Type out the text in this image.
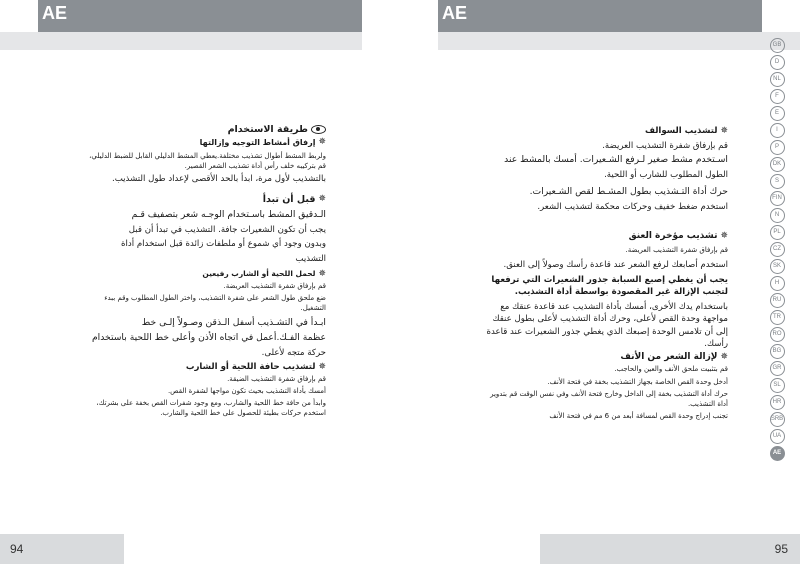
AE	AE
GB
D
NL
F
E
I
P
DK
S
FIN
N
PL
CZ
SK
H
RU
TR
RO
BG
GR
SL
HR
SRB
UA
AE
طريقة الاستخدام
✵
إرفاق أمشاط التوجيه وإزالتها

ولربط المشط أطوال تشذيب مختلفة.يعطي المشط الدليلي القابل للضبط الدليلي، قم بتركيبه خلف رأس أداة تشذيب الشعر القصير.

بالتشذيب لأول مرة، ابدأ بالحد الأقصى لإعداد طول التشذيب.

✵
قبل أن تبدأ

الـدقيق المشط باسـتخدام الوجـه شعر بتصفيف قـم

يجب أن تكون الشعيرات جافة. التشذيب في تبدأ أن قبل

وبدون وجود أي شموع أو ملطفات زائدة قبل استخدام أداة

التشذيب

✵
لحمل اللحية أو الشارب رفيعين

قم بإرفاق شفرة التشذيب العريضة.

ضع ملحق طول الشعر على شفرة التشذيب، واختر الطول المطلوب وقم ببدء التشغيل.

ابـدأ في التشـذيب أسفل الـذقن وصـولاً إلـى خط

عظمة الفـك.أعمل في اتجاه الأذن وأعلى خط اللحية باستخدام

حركة متجه لأعلى.

✵
لتشذيب حافة اللحية أو الشارب

قم بإرفاق شفرة التشذيب الضيقة.

أمسك بأداة التشذيب بحيث تكون مواجها لشفرة القص.

وابدأ من حافة خط اللحية والشارب، ومع وجود شفرات القص بخفة على بشرتك، استخدم حركات بطيئة للحصول على خط اللحية والشارب.

✵
لتشذيب السوالف

قم بإرفاق شفرة التشذيب العريضة.

اسـتخدم مشط صغير لـرفع الشـعيرات. أمسك بالمشط عند

الطول المطلوب للشارب أو اللحية.

حرك أداة التـشذيب بطول المشـط لقص الشـعيرات.

استخدم ضغط خفيف وحركات محكمة لتشذيب الشعر.

✵
تشذيب مؤخرة العنق

قم بإرفاق شفرة التشذيب العريضة.

استخدم أصابعك لرفع الشعر عند قاعدة رأسك وصولاً إلى العنق.

يجب أن يغطي إصبع السبابة جذور الشعيرات التي ترفعها لتجنب الإزالة غير المقصودة بواسطة أداة التشذيب.

باستخدام يدك الأخرى، أمسك بأداة التشذيب عند قاعدة عنقك مع مواجهة وحدة القص لأعلى، وحرك أداة التشذيب لأعلى بطول عنقك إلى أن تلامس الوحدة إصبعك الذي يغطي جذور الشعيرات عند قاعدة رأسك.

✵
لإزالة الشعر من الأنف

قم بتثبيت ملحق الأنف والعين والحاجب.

أدخل وحدة القص الخاصة بجهاز التشذيب بخفة في فتحة الأنف.

حرك أداة التشذيب بخفة إلى الداخل وخارج فتحة الأنف وفي نفس الوقت قم بتدوير أداة التشذيب.

تجنب إدراج وحدة القص لمسافة أبعد من 6 مم في فتحة الأنف

94	95
